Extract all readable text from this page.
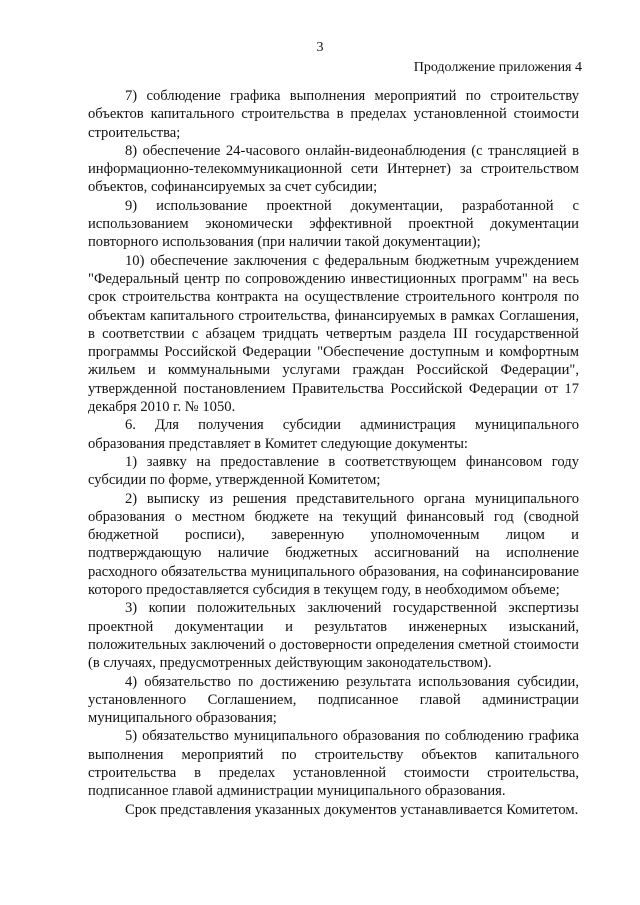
3
Продолжение приложения 4

7) соблюдение графика выполнения мероприятий по строительству объектов капитального строительства в пределах установленной стоимости строительства;

8) обеспечение 24-часового онлайн-видеонаблюдения (с трансляцией в информационно-телекоммуникационной сети Интернет) за строительством объектов, софинансируемых за счет субсидии;

9) использование проектной документации, разработанной с использованием экономически эффективной проектной документации повторного использования (при наличии такой документации);

10) обеспечение заключения с федеральным бюджетным учреждением "Федеральный центр по сопровождению инвестиционных программ" на весь срок строительства контракта на осуществление строительного контроля по объектам капитального строительства, финансируемых в рамках Соглашения, в соответствии с абзацем тридцать четвертым раздела III государственной программы Российской Федерации "Обеспечение доступным и комфортным жильем и коммунальными услугами граждан Российской Федерации", утвержденной постановлением Правительства Российской Федерации от 17 декабря 2010 г. № 1050.

6. Для получения субсидии администрация муниципального образования представляет в Комитет следующие документы:

1) заявку на предоставление в соответствующем финансовом году субсидии по форме, утвержденной Комитетом;

2) выписку из решения представительного органа муниципального образования о местном бюджете на текущий финансовый год (сводной бюджетной росписи), заверенную уполномоченным лицом и подтверждающую наличие бюджетных ассигнований на исполнение расходного обязательства муниципального образования, на софинансирование которого предоставляется субсидия в текущем году, в необходимом объеме;

3) копии положительных заключений государственной экспертизы проектной документации и результатов инженерных изысканий, положительных заключений о достоверности определения сметной стоимости (в случаях, предусмотренных действующим законодательством).

4) обязательство по достижению результата использования субсидии, установленного Соглашением, подписанное главой администрации муниципального образования;

5) обязательство муниципального образования по соблюдению графика выполнения мероприятий по строительству объектов капитального строительства в пределах установленной стоимости строительства, подписанное главой администрации муниципального образования.

Срок представления указанных документов устанавливается Комитетом.
